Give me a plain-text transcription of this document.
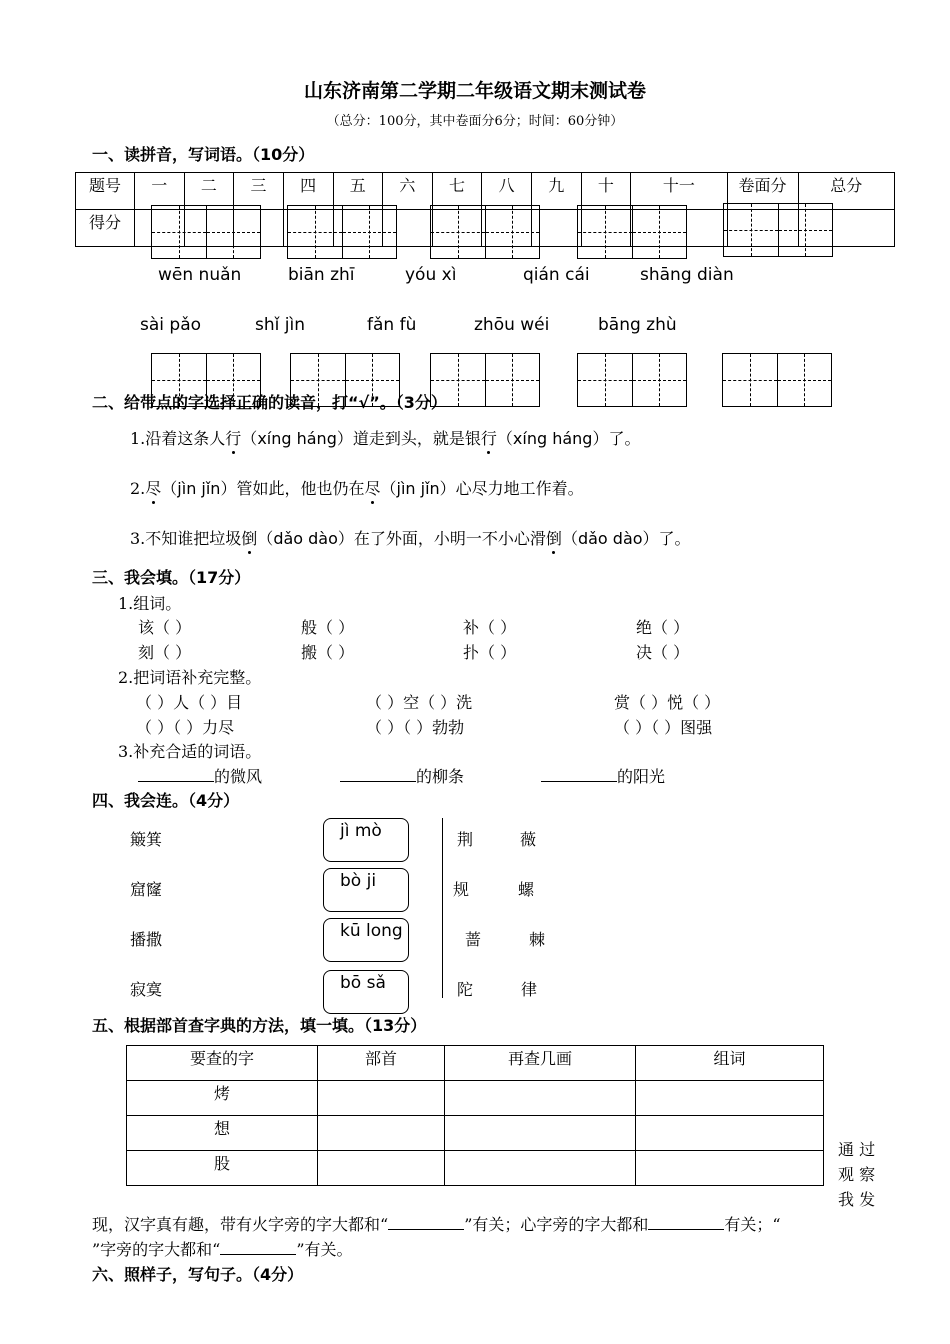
山东济南第二学期二年级语文期末测试卷
（总分：100分，其中卷面分6分；时间：60分钟）
一、读拼音，写词语。（10分）
题号	一	二	三	四	五	六	七	八	九	十	十一	卷面分	总分
得分													
wēn nuǎn	biān zhī	yóu xì	qián cái	shāng diàn
sài pǎo	shǐ jìn	fǎn fù	zhōu wéi	bāng zhù
二、给带点的字选择正确的读音，打“√”。（3分）
1.沿着这条人行（xíng háng）道走到头，就是银行（xíng háng）了。
2.尽（jìn jǐn）管如此，他也仍在尽（jìn jǐn）心尽力地工作着。
3.不知谁把垃圾倒（dǎo dào）在了外面，小明一不小心滑倒（dǎo dào）了。
三、我会填。（17分）
1.组词。
该（ ）	般（ ）	补（ ）	绝（ ）
刻（ ）	搬（ ）	扑（ ）	决（ ）
2.把词语补充完整。
（ ）人（ ）目	（ ）空（ ）洗	赏（ ）悦（ ）
（ ）（ ）力尽	（ ）（ ）勃勃	（ ）（ ）图强
3.补充合适的词语。
的微风	的柳条	的阳光
四、我会连。（4分）
簸箕
窟窿
播撒
寂寞
jì mò
bò ji
kū long
bō sǎ
荆	薇
规	螺
蔷	棘
陀	律
五、根据部首查字典的方法，填一填。（13分）
要查的字	部首	再查几画	组词
烤			
想			
股			
通 过
观 察
我 发
现，汉字真有趣，带有火字旁的字大都和“	”有关；心字旁的字大都和	有关；“
”字旁的字大都和“	”有关。
六、照样子，写句子。（4分）
